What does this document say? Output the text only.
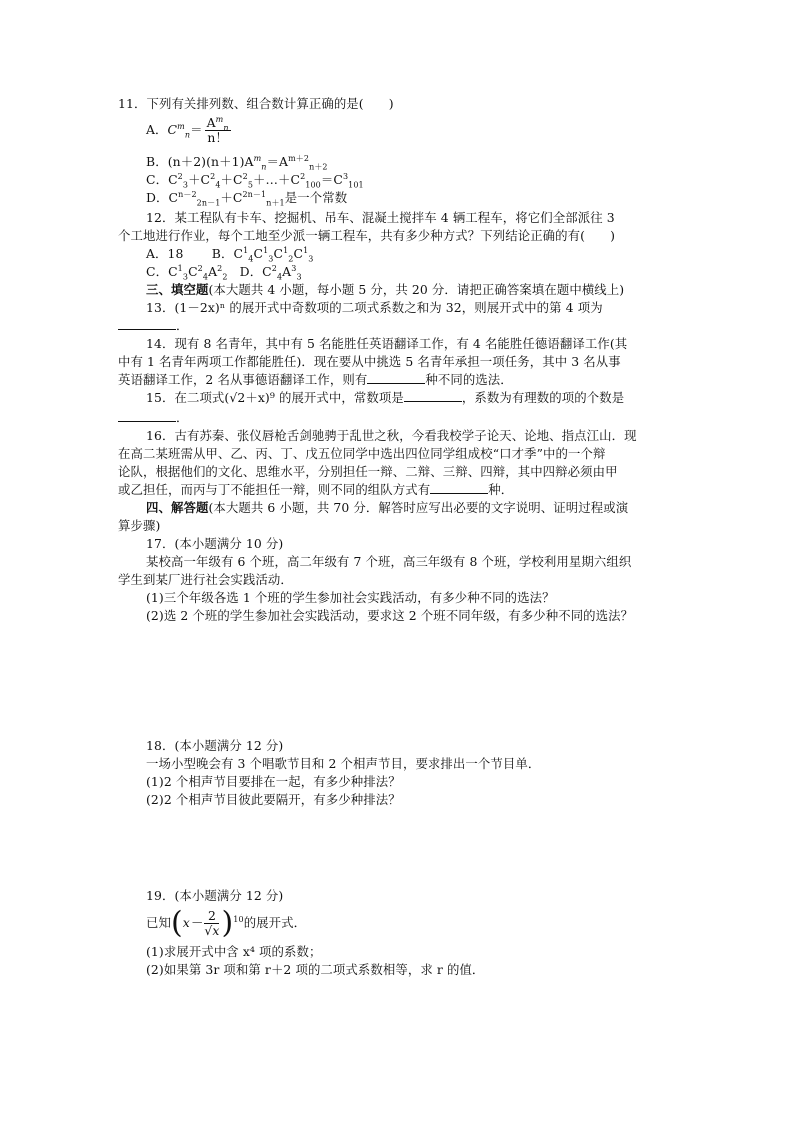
11．下列有关排列数、组合数计算正确的是(　　)
A．$C^m_n= \frac{A^m_n}{n!}$
B．$(n+2)(n+1)A^m_n=A^{m+2}_{n+2}$
C．$C^2_3+C^2_4+C^2_5+\dots+C^2_{100}=C^3_{101}$
D．$C^{n-2}_{2n-1}+C^{2n-1}_{n+1}$是一个常数
12．某工程队有卡车、挖掘机、吊车、混凝土搅拌车 4 辆工程车，将它们全部派往 3
个工地进行作业，每个工地至少派一辆工程车，共有多少种方式？下列结论正确的有(　　)
A．18 B．$C^1_4C^1_3C^1_2C^1_3$
C．$C^1_3C^2_4A^2_2$ D．$C^2_4A^3_3$
三、填空题(本大题共 4 小题，每小题 5 分，共 20 分．请把正确答案填在题中横线上)
13．(1－2x)ⁿ 的展开式中奇数项的二项式系数之和为 32，则展开式中的第 4 项为
．
14．现有 8 名青年，其中有 5 名能胜任英语翻译工作，有 4 名能胜任德语翻译工作(其
中有 1 名青年两项工作都能胜任)．现在要从中挑选 5 名青年承担一项任务，其中 3 名从事
英语翻译工作，2 名从事德语翻译工作，则有	种不同的选法．
15．在二项式(√2＋x)⁹ 的展开式中，常数项是	，系数为有理数的项的个数是
．
16．古有苏秦、张仪唇枪舌剑驰骋于乱世之秋，今看我校学子论天、论地、指点江山．现
在高二某班需从甲、乙、丙、丁、戊五位同学中选出四位同学组成校“口才季”中的一个辩
论队，根据他们的文化、思维水平，分别担任一辩、二辩、三辩、四辩，其中四辩必须由甲
或乙担任，而丙与丁不能担任一辩，则不同的组队方式有	种．
四、解答题(本大题共 6 小题，共 70 分．解答时应写出必要的文字说明、证明过程或演
算步骤)
17．(本小题满分 10 分)
某校高一年级有 6 个班，高二年级有 7 个班，高三年级有 8 个班，学校利用星期六组织
学生到某厂进行社会实践活动．
(1)三个年级各选 1 个班的学生参加社会实践活动，有多少种不同的选法？
(2)选 2 个班的学生参加社会实践活动，要求这 2 个班不同年级，有多少种不同的选法？
18．(本小题满分 12 分)
一场小型晚会有 3 个唱歌节目和 2 个相声节目，要求排出一个节目单．
(1)2 个相声节目要排在一起，有多少种排法？
(2)2 个相声节目彼此要隔开，有多少种排法？
19．(本小题满分 12 分)
已知$(x- \frac{2}{√x} )^{10}$的展开式．
(1)求展开式中含 x⁴ 项的系数；
(2)如果第 3r 项和第 r＋2 项的二项式系数相等，求 r 的值．
